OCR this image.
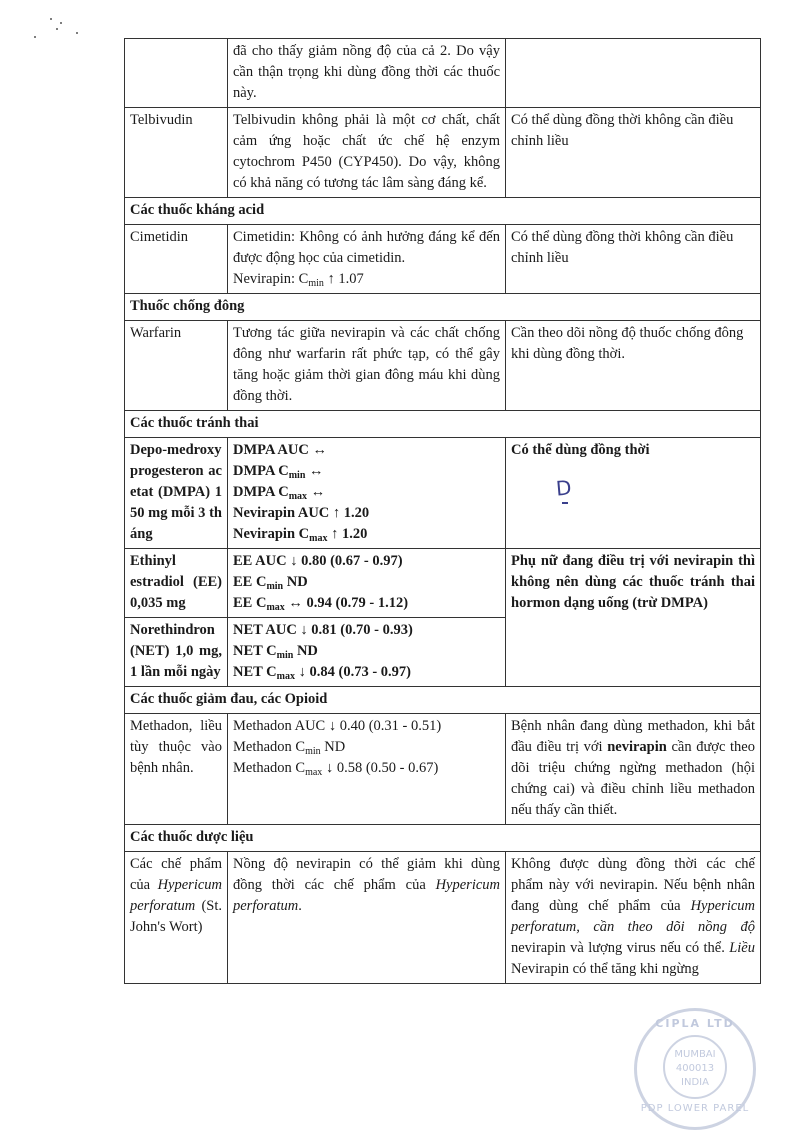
	đã cho thấy giảm nồng độ của cả 2. Do vậy cần thận trọng khi dùng đồng thời các thuốc này.	
Telbivudin	Telbivudin không phải là một cơ chất, chất cảm ứng hoặc chất ức chế hệ enzym cytochrom P450 (CYP450). Do vậy, không có khả năng có tương tác lâm sàng đáng kể.	Có thể dùng đồng thời không cần điều chỉnh liều
Các thuốc kháng acid		
Cimetidin	Cimetidin: Không có ảnh hưởng đáng kể đến được động học của cimetidin.
Nevirapin: $C_{min}$ ↑ 1.07	Có thể dùng đồng thời không cần điều chỉnh liều
Thuốc chống đông		
Warfarin	Tương tác giữa nevirapin và các chất chống đông như warfarin rất phức tạp, có thể gây tăng hoặc giảm thời gian đông máu khi dùng đồng thời.	Cần theo dõi nồng độ thuốc chống đông khi dùng đồng thời.
Các thuốc tránh thai		
Depo-medroxyprogesteron acetat (DMPA) 150 mg mỗi 3 tháng	DMPA AUC ↔
DMPA $C_{min}$ ↔
DMPA $C_{max}$ ↔
Nevirapin AUC ↑ 1.20
Nevirapin $C_{max}$ ↑ 1.20	Có thể dùng đồng thời
Ethinyl estradiol (EE) 0,035 mg	EE AUC ↓ 0.80 (0.67 - 0.97)
EE $C_{min}$ ND
EE $C_{max}$ ↔ 0.94 (0.79 - 1.12)	Phụ nữ đang điều trị với nevirapin thì không nên dùng các thuốc tránh thai hormon dạng uống (trừ DMPA)
Norethindron (NET) 1,0 mg, 1 lần mỗi ngày	NET AUC ↓ 0.81 (0.70 - 0.93)
NET $C_{min}$ ND
NET $C_{max}$ ↓ 0.84 (0.73 - 0.97)	

Các thuốc giảm đau, các Opioid		
Methadon, liều tùy thuộc vào bệnh nhân.	Methadon AUC ↓ 0.40 (0.31 - 0.51)
Methadon $C_{min}$ ND
Methadon $C_{max}$ ↓ 0.58 (0.50 - 0.67)	Bệnh nhân đang dùng methadon, khi bắt đầu điều trị với nevirapin cần được theo dõi triệu chứng ngừng methadon (hội chứng cai) và điều chỉnh liều methadon nếu thấy cần thiết.
Các thuốc dược liệu		
Các chế phẩm của Hypericum perforatum (St. John's Wort)	Nồng độ nevirapin có thể giảm khi dùng đồng thời các chế phẩm của Hypericum perforatum.	Không được dùng đồng thời các chế phẩm này với nevirapin. Nếu bệnh nhân đang dùng chế phẩm của Hypericum perforatum, cần theo dõi nồng độ nevirapin và lượng virus nếu có thể. Liều Nevirapin có thể tăng khi ngừng
D
CIPLA LTD
MUMBAI
400013
INDIA
PDP LOWER PAREL
